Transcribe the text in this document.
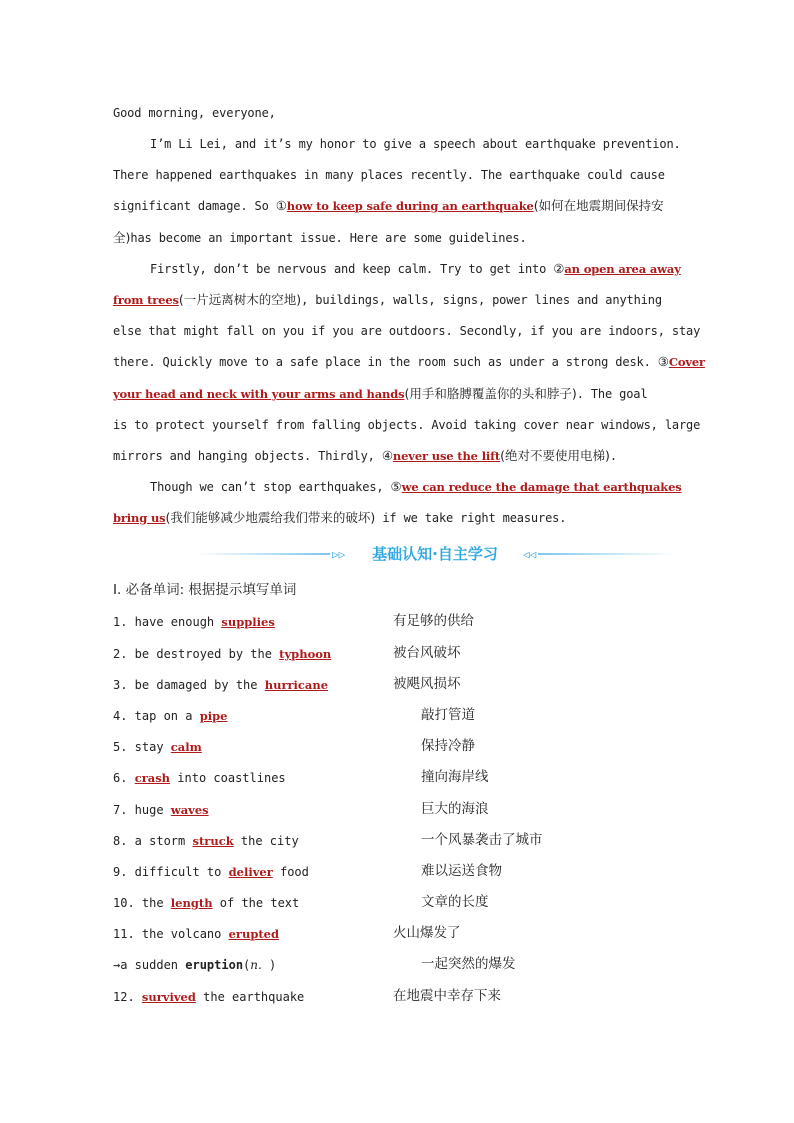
Good morning, everyone,
I’m Li Lei, and it’s my honor to give a speech about earthquake prevention.
There happened earthquakes in many places recently. The earthquake could cause
significant damage. So ①how to keep safe during an earthquake(如何在地震期间保持安
全)has become an important issue. Here are some guidelines.
Firstly, don’t be nervous and keep calm. Try to get into ②an open area away
from trees(一片远离树木的空地), buildings, walls, signs, power lines and anything
else that might fall on you if you are outdoors. Secondly, if you are indoors, stay
there. Quickly move to a safe place in the room such as under a strong desk. ③Cover
your head and neck with your arms and hands(用手和胳膊覆盖你的头和脖子). The goal
is to protect yourself from falling objects. Avoid taking cover near windows, large
mirrors and hanging objects. Thirdly, ④never use the lift(绝对不要使用电梯).
Though we can’t stop earthquakes, ⑤we can reduce the damage that earthquakes
bring us(我们能够减少地震给我们带来的破坏) if we take right measures.
▷▷	基础认知·自主学习	◁◁
Ⅰ. 必备单词: 根据提示填写单词
1. have enough supplies	有足够的供给
2. be destroyed by the typhoon	被台风破坏
3. be damaged by the hurricane	被飓风损坏
4. tap on a pipe	敲打管道
5. stay calm	保持冷静
6. crash into coastlines	撞向海岸线
7. huge waves	巨大的海浪
8. a storm struck the city	一个风暴袭击了城市
9. difficult to deliver food	难以运送食物
10. the length of the text	文章的长度
11. the volcano erupted	火山爆发了
→a sudden eruption(n. )	一起突然的爆发
12. survived the earthquake	在地震中幸存下来
